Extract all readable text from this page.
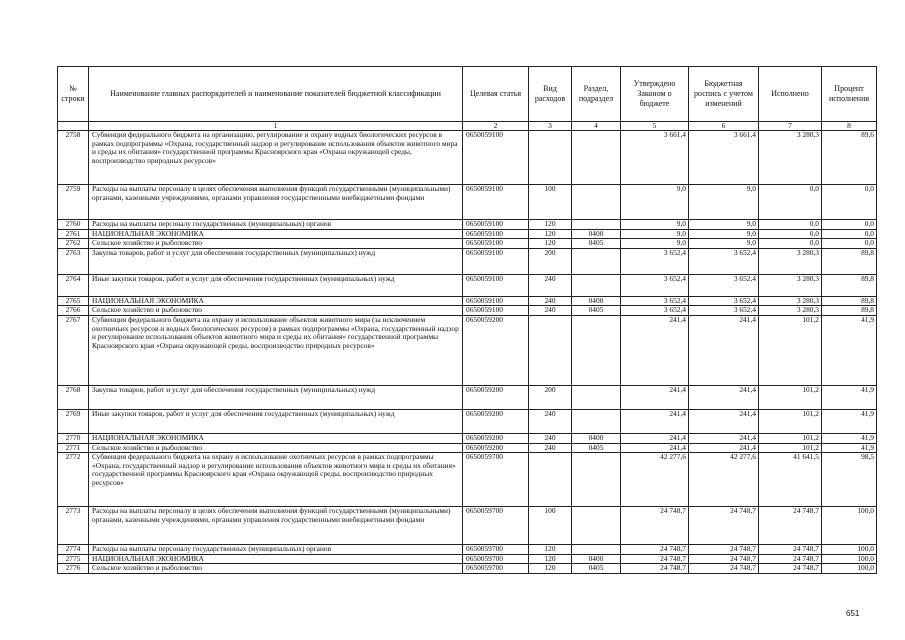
№ строки	Наименование главных распорядителей и наименование показателей бюджетной классификации	Целевая статья	Вид расходов	Раздел, подраздел	Утверждено Законом о бюджете	Бюджетная роспись с учетом изменений	Исполнено	Процент исполнения
	1	2	3	4	5	6	7	8
2758	Субвенция федерального бюджета на организацию, регулирование и охрану водных биологических ресурсов в рамках подпрограммы «Охрана, государственный надзор и регулирование использования объектов животного мира и среды их обитания» государственной программы Красноярского края «Охрана окружающей среды, воспроизводство природных ресурсов»	0650059100			3 661,4	3 661,4	3 280,3	89,6
2759	Расходы на выплаты персоналу в целях обеспечения выполнения функций государственными (муниципальными) органами, казенными учреждениями, органами управления государственными внебюджетными фондами	0650059100	100		9,0	9,0	0,0	0,0
2760	Расходы на выплаты персоналу государственных (муниципальных) органов	0650059100	120		9,0	9,0	0,0	0,0
2761	НАЦИОНАЛЬНАЯ ЭКОНОМИКА	0650059100	120	0400	9,0	9,0	0,0	0,0
2762	Сельское хозяйство и рыболовство	0650059100	120	0405	9,0	9,0	0,0	0,0
2763	Закупка товаров, работ и услуг для обеспечения государственных (муниципальных) нужд	0650059100	200		3 652,4	3 652,4	3 280,3	89,8
2764	Иные закупки товаров, работ и услуг для обеспечения государственных (муниципальных) нужд	0650059100	240		3 652,4	3 652,4	3 280,3	89,8
2765	НАЦИОНАЛЬНАЯ ЭКОНОМИКА	0650059100	240	0400	3 652,4	3 652,4	3 280,3	89,8
2766	Сельское хозяйство и рыболовство	0650059100	240	0405	3 652,4	3 652,4	3 280,3	89,8
2767	Субвенция федерального бюджета на охрану и использование объектов животного мира (за исключением охотничьих ресурсов и водных биологических ресурсов) в рамках подпрограммы «Охрана, государственный надзор и регулирование использования объектов животного мира и среды их обитания» государственной программы Красноярского края «Охрана окружающей среды, воспроизводство природных ресурсов»	0650059200			241,4	241,4	101,2	41,9
2768	Закупка товаров, работ и услуг для обеспечения государственных (муниципальных) нужд	0650059200	200		241,4	241,4	101,2	41,9
2769	Иные закупки товаров, работ и услуг для обеспечения государственных (муниципальных) нужд	0650059200	240		241,4	241,4	101,2	41,9
2770	НАЦИОНАЛЬНАЯ ЭКОНОМИКА	0650059200	240	0400	241,4	241,4	101,2	41,9
2771	Сельское хозяйство и рыболовство	0650059200	240	0405	241,4	241,4	101,2	41,9
2772	Субвенция федерального бюджета на охрану и использование охотничьих ресурсов в рамках подпрограммы «Охрана, государственный надзор и регулирование использования объектов животного мира и среды их обитания» государственной программы Красноярского края «Охрана окружающей среды, воспроизводство природных ресурсов»	0650059700			42 277,6	42 277,6	41 641,5	98,5
2773	Расходы на выплаты персоналу в целях обеспечения выполнения функций государственными (муниципальными) органами, казенными учреждениями, органами управления государственными внебюджетными фондами	0650059700	100		24 748,7	24 748,7	24 748,7	100,0
2774	Расходы на выплаты персоналу государственных (муниципальных) органов	0650059700	120		24 748,7	24 748,7	24 748,7	100,0
2775	НАЦИОНАЛЬНАЯ ЭКОНОМИКА	0650059700	120	0400	24 748,7	24 748,7	24 748,7	100,0
2776	Сельское хозяйство и рыболовство	0650059700	120	0405	24 748,7	24 748,7	24 748,7	100,0
651
